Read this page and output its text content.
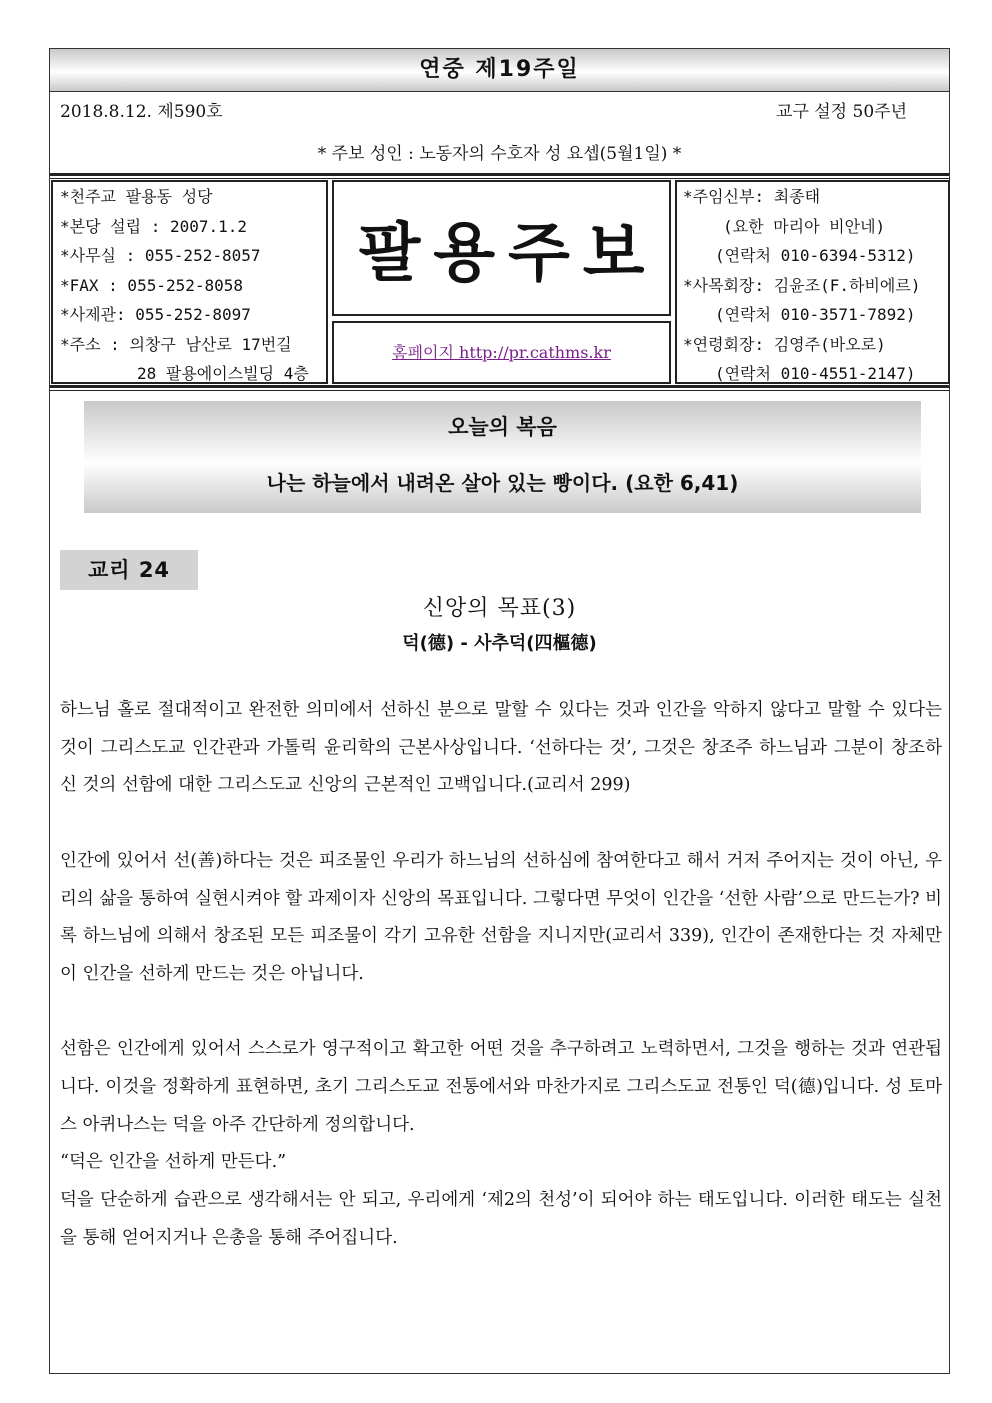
연중 제19주일
2018.8.12. 제590호	교구 설정 50주년
* 주보 성인 : 노동자의 수호자 성 요셉(5월1일) *
*천주교 팔용동 성당
*본당 설립 : 2007.1.2
*사무실 : 055-252-8057
*FAX : 055-252-8058
*사제관: 055-252-8097
*주소 : 의창구 남산로 17번길
28 팔용에이스빌딩 4층
팔 용 주 보
홈페이지 http://pr.cathms.kr
*주임신부: 최종태
(요한 마리아 비안네)
(연락처 010-6394-5312)
*사목회장: 김윤조(F.하비에르)
(연락처 010-3571-7892)
*연령회장: 김영주(바오로)
(연락처 010-4551-2147)
오늘의 복음
나는 하늘에서 내려온 살아 있는 빵이다. (요한 6,41)
교리 24
신앙의 목표(3)
덕(德) - 사추덕(四樞德)

하느님 홀로 절대적이고 완전한 의미에서 선하신 분으로 말할 수 있다는 것과 인간을 악하지 않다고 말할 수 있다는 것이 그리스도교 인간관과 가톨릭 윤리학의 근본사상입니다. ‘선하다는 것’, 그것은 창조주 하느님과 그분이 창조하신 것의 선함에 대한 그리스도교 신앙의 근본적인 고백입니다.(교리서 299)

인간에 있어서 선(善)하다는 것은 피조물인 우리가 하느님의 선하심에 참여한다고 해서 거저 주어지는 것이 아닌, 우리의 삶을 통하여 실현시켜야 할 과제이자 신앙의 목표입니다. 그렇다면 무엇이 인간을 ‘선한 사람’으로 만드는가? 비록 하느님에 의해서 창조된 모든 피조물이 각기 고유한 선함을 지니지만(교리서 339), 인간이 존재한다는 것 자체만이 인간을 선하게 만드는 것은 아닙니다.

선함은 인간에게 있어서 스스로가 영구적이고 확고한 어떤 것을 추구하려고 노력하면서, 그것을 행하는 것과 연관됩니다. 이것을 정확하게 표현하면, 초기 그리스도교 전통에서와 마찬가지로 그리스도교 전통인 덕(德)입니다. 성 토마스 아퀴나스는 덕을 아주 간단하게 정의합니다.

“덕은 인간을 선하게 만든다.”

덕을 단순하게 습관으로 생각해서는 안 되고, 우리에게 ‘제2의 천성’이 되어야 하는 태도입니다. 이러한 태도는 실천을 통해 얻어지거나 은총을 통해 주어집니다.
